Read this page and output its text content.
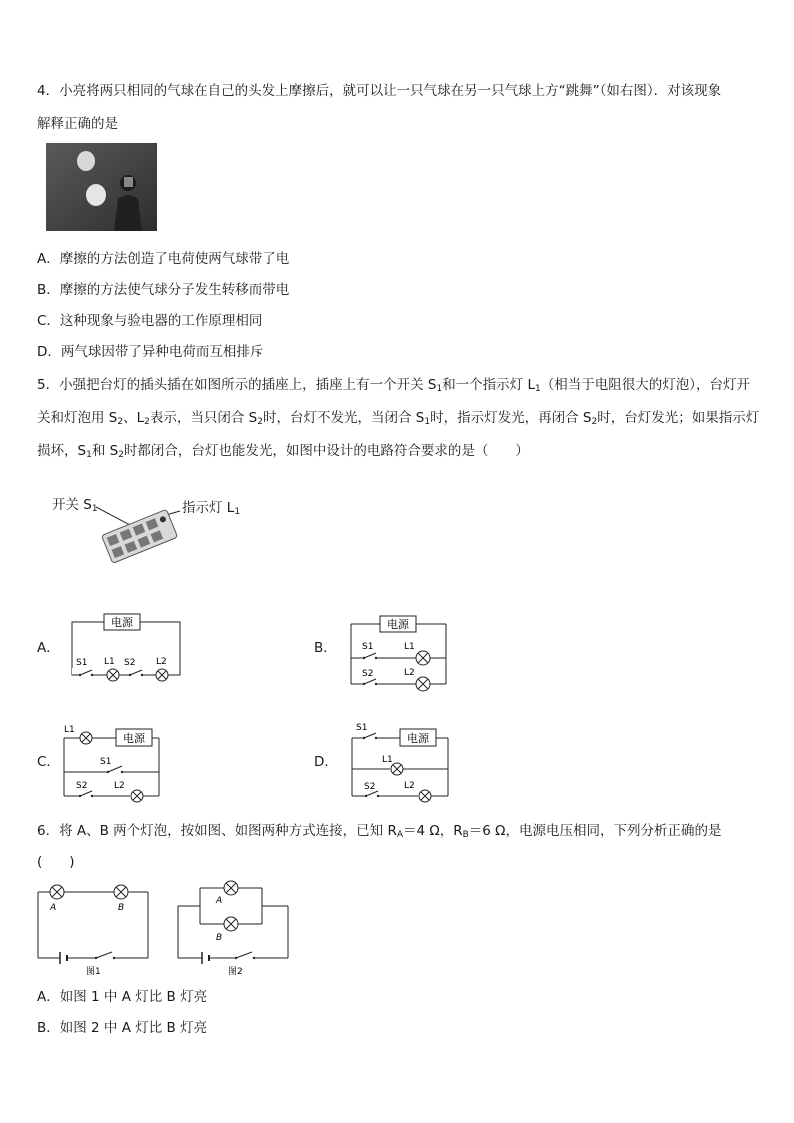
4．小亮将两只相同的气球在自己的头发上摩擦后，就可以让一只气球在另一只气球上方“跳舞”（如右图）．对该现象
解释正确的是
A．摩擦的方法创造了电荷使两气球带了电
B．摩擦的方法使气球分子发生转移而带电
C．这种现象与验电器的工作原理相同
D．两气球因带了异种电荷而互相排斥
5．小强把台灯的插头插在如图所示的插座上，插座上有一个开关 $S_1$和一个指示灯 $L_1$（相当于电阻很大的灯泡），台灯开关和灯泡用 $S_2$、$L_2$表示，当只闭合 $S_2$时，台灯不发光，当闭合 $S_1$时，指示灯发光，再闭合 $S_2$时，台灯发光；如果指示灯损坏，$S_1$和 $S_2$时都闭合，台灯也能发光，如图中设计的电路符合要求的是（　　）
开关 $S_1$	指示灯 $L_1$
A．	B．
C．	D．
电源
S1 L1 S2 L2
电源
S1	L1
S2	L2
电源
L1
S1
S2	L2
电源
S1
L1
S2	L2
6．将 A、B 两个灯泡，按如图、如图两种方式连接，已知 $R_A=4$ Ω，$R_B=6$ Ω，电源电压相同，下列分析正确的是
(　　)
A	B
图1
A
B
图2
A．如图 1 中 A 灯比 B 灯亮
B．如图 2 中 A 灯比 B 灯亮
